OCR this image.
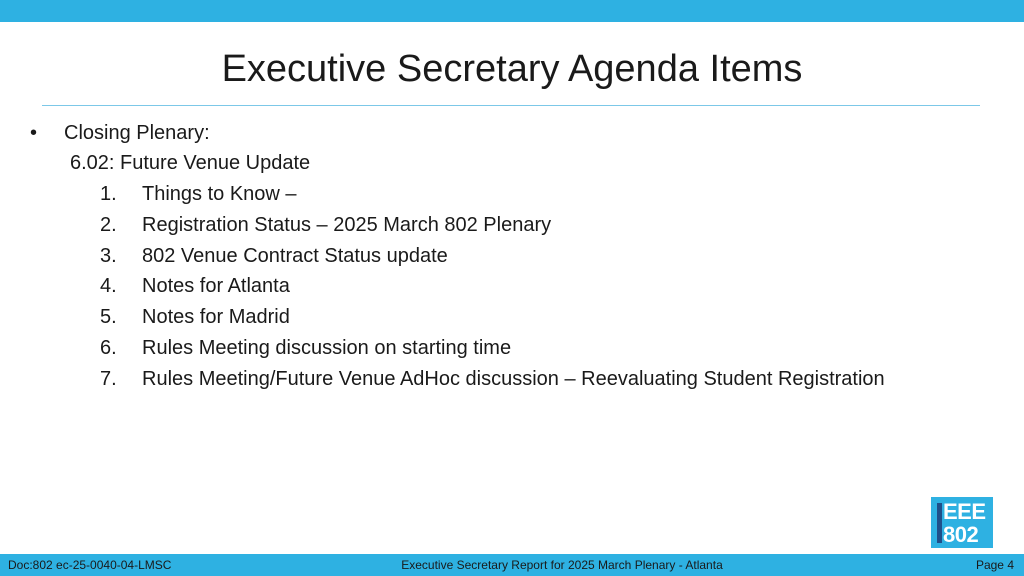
Executive Secretary Agenda Items
• Closing Plenary:
6.02: Future Venue Update
1.	Things to Know –
2.	Registration Status – 2025 March 802 Plenary
3.	802 Venue Contract Status update
4.	Notes for Atlanta
5.	Notes for Madrid
6.	Rules Meeting discussion on starting time
7.	Rules Meeting/Future Venue AdHoc discussion – Reevaluating Student Registration
EEE
802
Doc:802 ec-25-0040-04-LMSC	Executive Secretary Report for 2025 March Plenary - Atlanta	Page 4
